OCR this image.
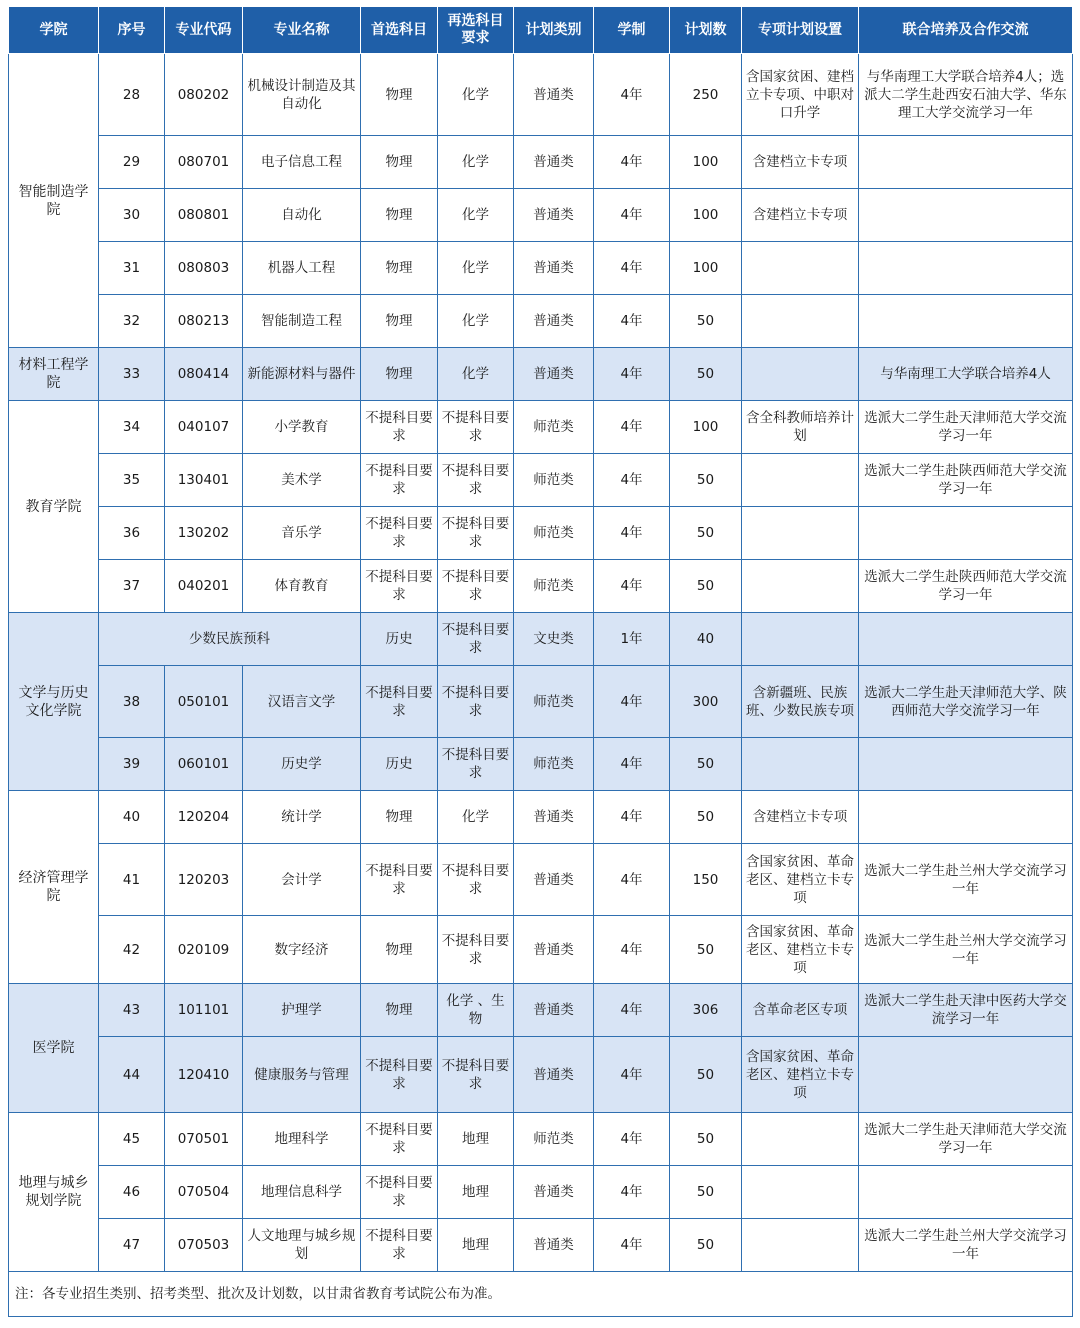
学院	序号	专业代码	专业名称	首选科目	再选科目要求	计划类别	学制	计划数	专项计划设置	联合培养及合作交流
智能制造学院	28	080202	机械设计制造及其自动化	物理	化学	普通类	4年	250	含国家贫困、建档立卡专项、中职对口升学	与华南理工大学联合培养4人；选派大二学生赴西安石油大学、华东理工大学交流学习一年
	29	080701	电子信息工程	物理	化学	普通类	4年	100	含建档立卡专项	
	30	080801	自动化	物理	化学	普通类	4年	100	含建档立卡专项	
	31	080803	机器人工程	物理	化学	普通类	4年	100		
	32	080213	智能制造工程	物理	化学	普通类	4年	50		
材料工程学院	33	080414	新能源材料与器件	物理	化学	普通类	4年	50		与华南理工大学联合培养4人
教育学院	34	040107	小学教育	不提科目要求	不提科目要求	师范类	4年	100	含全科教师培养计划	选派大二学生赴天津师范大学交流学习一年
	35	130401	美术学	不提科目要求	不提科目要求	师范类	4年	50		选派大二学生赴陕西师范大学交流学习一年
	36	130202	音乐学	不提科目要求	不提科目要求	师范类	4年	50		
	37	040201	体育教育	不提科目要求	不提科目要求	师范类	4年	50		选派大二学生赴陕西师范大学交流学习一年
文学与历史文化学院	少数民族预科			历史	不提科目要求	文史类	1年	40		
	38	050101	汉语言文学	不提科目要求	不提科目要求	师范类	4年	300	含新疆班、民族班、少数民族专项	选派大二学生赴天津师范大学、陕西师范大学交流学习一年
	39	060101	历史学	历史	不提科目要求	师范类	4年	50		
经济管理学院	40	120204	统计学	物理	化学	普通类	4年	50	含建档立卡专项	
	41	120203	会计学	不提科目要求	不提科目要求	普通类	4年	150	含国家贫困、革命老区、建档立卡专项	选派大二学生赴兰州大学交流学习一年
	42	020109	数字经济	物理	不提科目要求	普通类	4年	50	含国家贫困、革命老区、建档立卡专项	选派大二学生赴兰州大学交流学习一年
医学院	43	101101	护理学	物理	化学 、生物	普通类	4年	306	含革命老区专项	选派大二学生赴天津中医药大学交流学习一年
	44	120410	健康服务与管理	不提科目要求	不提科目要求	普通类	4年	50	含国家贫困、革命老区、建档立卡专项	
地理与城乡规划学院	45	070501	地理科学	不提科目要求	地理	师范类	4年	50		选派大二学生赴天津师范大学交流学习一年
	46	070504	地理信息科学	不提科目要求	地理	普通类	4年	50		
	47	070503	人文地理与城乡规划	不提科目要求	地理	普通类	4年	50		选派大二学生赴兰州大学交流学习一年
注：各专业招生类别、招考类型、批次及计划数，以甘肃省教育考试院公布为准。										
